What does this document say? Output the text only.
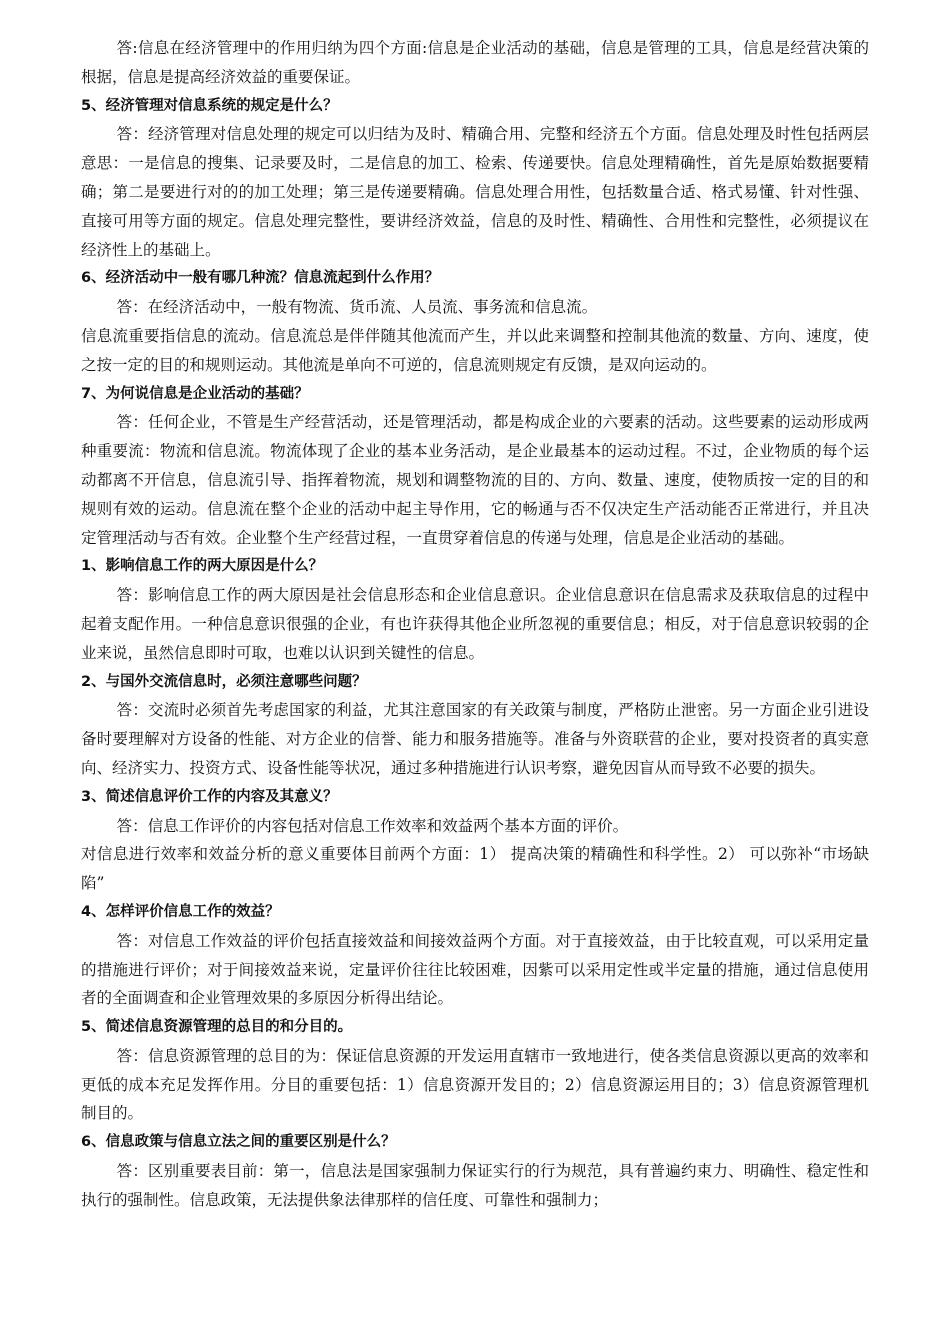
答:信息在经济管理中的作用归纳为四个方面:信息是企业活动的基础，信息是管理的工具，信息是经营决策的根据，信息是提高经济效益的重要保证。

5、经济管理对信息系统的规定是什么？

答：经济管理对信息处理的规定可以归结为及时、精确合用、完整和经济五个方面。信息处理及时性包括两层意思：一是信息的搜集、记录要及时，二是信息的加工、检索、传递要快。信息处理精确性，首先是原始数据要精确；第二是要进行对的的加工处理；第三是传递要精确。信息处理合用性，包括数量合适、格式易懂、针对性强、直接可用等方面的规定。信息处理完整性，要讲经济效益，信息的及时性、精确性、合用性和完整性，必须提议在经济性上的基础上。

6、经济活动中一般有哪几种流？信息流起到什么作用？

答：在经济活动中，一般有物流、货币流、人员流、事务流和信息流。

信息流重要指信息的流动。信息流总是伴伴随其他流而产生，并以此来调整和控制其他流的数量、方向、速度，使之按一定的目的和规则运动。其他流是单向不可逆的，信息流则规定有反馈，是双向运动的。

7、为何说信息是企业活动的基础？

答：任何企业，不管是生产经营活动，还是管理活动，都是构成企业的六要素的活动。这些要素的运动形成两种重要流：物流和信息流。物流体现了企业的基本业务活动，是企业最基本的运动过程。不过，企业物质的每个运动都离不开信息，信息流引导、指挥着物流，规划和调整物流的目的、方向、数量、速度，使物质按一定的目的和规则有效的运动。信息流在整个企业的活动中起主导作用，它的畅通与否不仅决定生产活动能否正常进行，并且决定管理活动与否有效。企业整个生产经营过程，一直贯穿着信息的传递与处理，信息是企业活动的基础。

1、影响信息工作的两大原因是什么？

答：影响信息工作的两大原因是社会信息形态和企业信息意识。企业信息意识在信息需求及获取信息的过程中起着支配作用。一种信息意识很强的企业，有也许获得其他企业所忽视的重要信息；相反，对于信息意识较弱的企业来说，虽然信息即时可取，也难以认识到关键性的信息。

2、与国外交流信息时，必须注意哪些问题？

答：交流时必须首先考虑国家的利益，尤其注意国家的有关政策与制度，严格防止泄密。另一方面企业引进设备时要理解对方设备的性能、对方企业的信誉、能力和服务措施等。准备与外资联营的企业，要对投资者的真实意向、经济实力、投资方式、设备性能等状况，通过多种措施进行认识考察，避免因盲从而导致不必要的损失。

3、简述信息评价工作的内容及其意义？

答：信息工作评价的内容包括对信息工作效率和效益两个基本方面的评价。

对信息进行效率和效益分析的意义重要体目前两个方面：1） 提高决策的精确性和科学性。2） 可以弥补“市场缺陷”

4、怎样评价信息工作的效益？

答：对信息工作效益的评价包括直接效益和间接效益两个方面。对于直接效益，由于比较直观，可以采用定量的措施进行评价；对于间接效益来说，定量评价往往比较困难，因紫可以采用定性或半定量的措施，通过信息使用者的全面调查和企业管理效果的多原因分析得出结论。

5、简述信息资源管理的总目的和分目的。

答：信息资源管理的总目的为：保证信息资源的开发运用直辖市一致地进行，使各类信息资源以更高的效率和更低的成本充足发挥作用。分目的重要包括：1）信息资源开发目的；2）信息资源运用目的；3）信息资源管理机制目的。

6、信息政策与信息立法之间的重要区别是什么？

答：区别重要表目前：第一，信息法是国家强制力保证实行的行为规范，具有普遍约束力、明确性、稳定性和执行的强制性。信息政策，无法提供象法律那样的信任度、可靠性和强制力；
